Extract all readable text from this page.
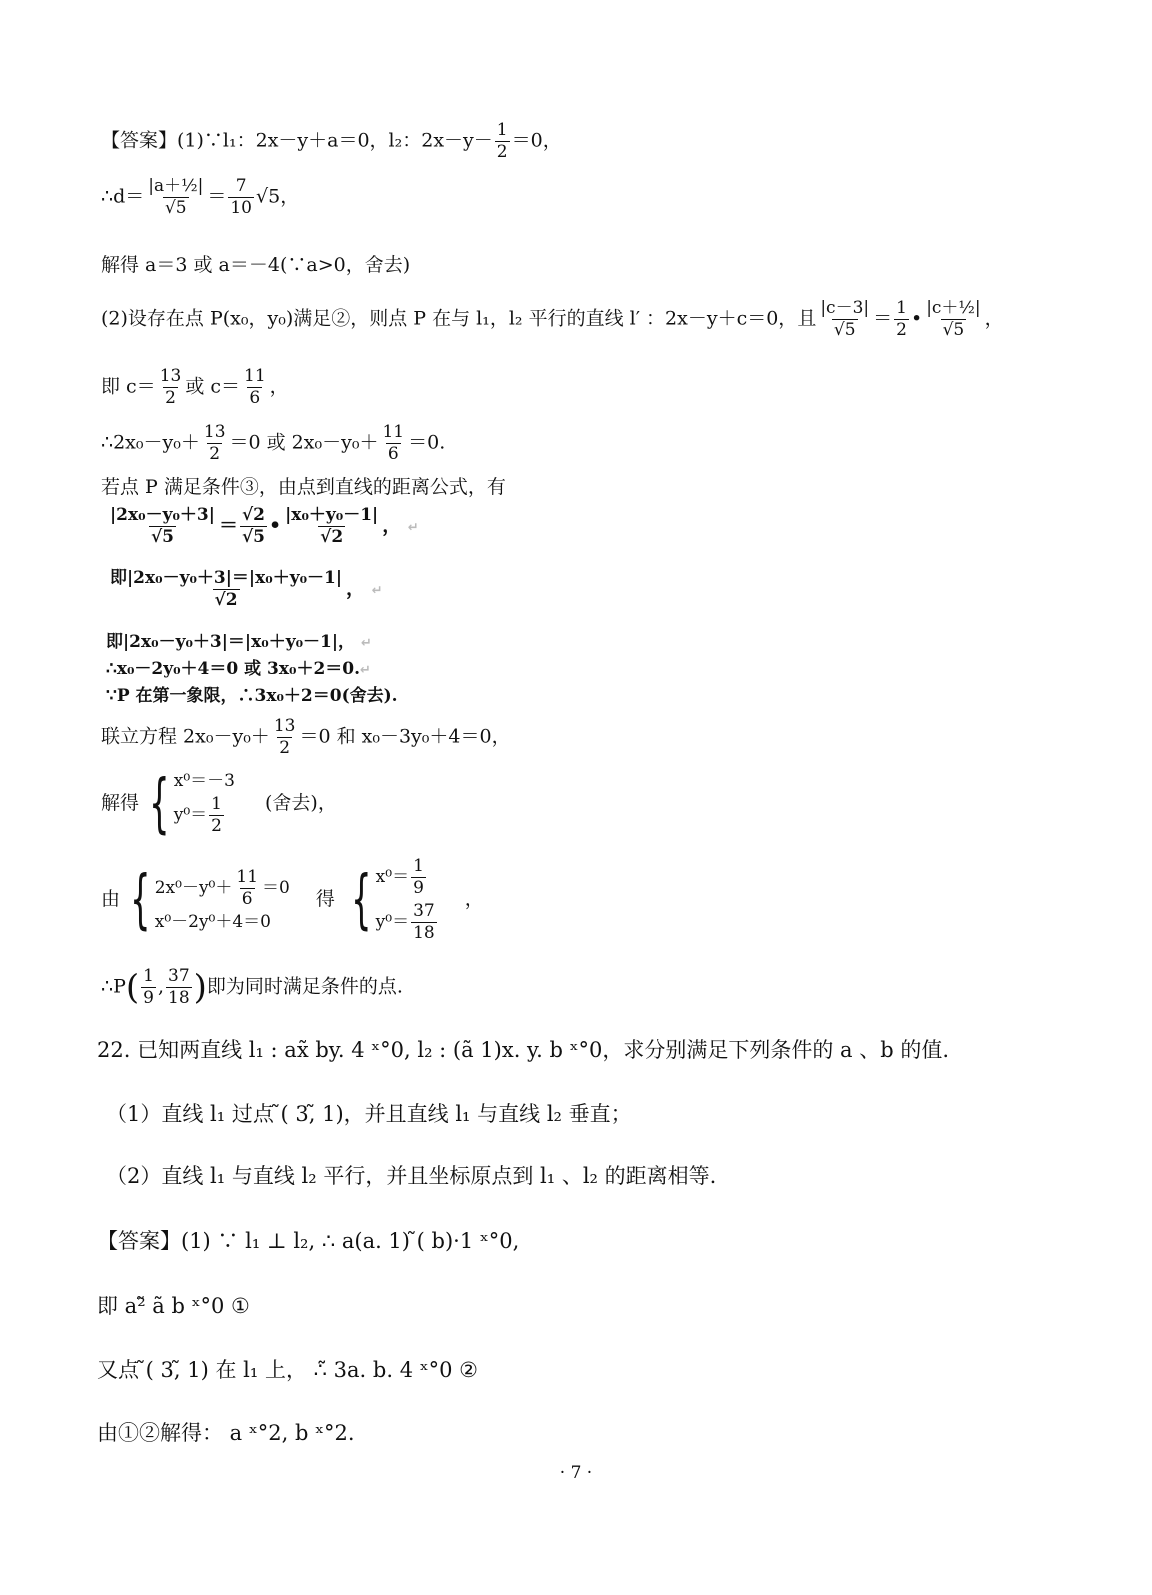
【答案】(1)∵l₁：2x－y＋a＝0，l₂：$2x-y- \frac{1}{2} =0$，
∴d＝ $\frac{\text{|a＋½|}}{√5} = \frac{7}{10} √5$，
解得 a＝3 或 a＝－4(∵a>0，舍去)
(2)设存在点 P(x₀，y₀)满足②，则点 P 在与 l₁，l₂ 平行的直线 l′ ：2x－y＋c＝0，且 $\frac{|c-3|}{√5} = \frac{1}{2}$ • $\frac{\text{|c＋½|}}{√5}$ ，
即 $c= \frac{13}{2}$ 或 $c= \frac{11}{6}$ ，
∴2x₀－y₀＋ $\frac{13}{2} =0$ 或 $2x_0-y_0+ \frac{11}{6} =0$.
若点 P 满足条件③，由点到直线的距离公式，有
$\frac{\text{|2x₀－y₀＋3|}}{√5} = \frac{√2}{√5}$ • $\frac{\text{|x₀＋y₀－1|}}{√2}$ ， ↵
$\frac{\text{即|2x₀－y₀＋3|＝|x₀＋y₀－1|}}{√2}$ ， ↵
即|2x₀－y₀＋3|＝|x₀＋y₀－1|， ↵
∴x₀－2y₀＋4＝0 或 3x₀＋2＝0.↵
∵P 在第一象限，∴3x₀＋2＝0(舍去).
联立方程 $2x_0-y_0+ \frac{13}{2} =0$ 和 x₀－3y₀＋4＝0，
解得 { x⁰＝－3
$y^0= \frac{1}{2}$ (舍去)，
由 { $2x^0-y^0+ \frac{11}{6} =0$
x⁰－2y⁰＋4＝0
得 { $x^0= \frac{1}{9}$
$y^0= \frac{37}{18}$
，
∴P( $\frac{1}{9}$ , $\frac{37}{18}$ )即为同时满足条件的点.
22. 已知两直线 l₁ : ax̃ by. 4 ˣ°0, l₂ : (ã 1)x. y. b ˣ°0，求分别满足下列条件的 a 、b 的值.
（1）直线 l₁ 过点 ̃( 3,̃ 1)，并且直线 l₁ 与直线 l₂ 垂直；
（2）直线 l₁ 与直线 l₂ 平行，并且坐标原点到 l₁ 、l₂ 的距离相等.
【答案】(1) ∵ l₁ ⊥ l₂, ∴ a(a. 1) ̃( b)·1 ˣ°0,
即 a²̃ ã b ˣ°0 ①
又点 ̃( 3,̃ 1) 在 l₁ 上， ∴̃ 3a. b. 4 ˣ°0 ②
由①②解得： a ˣ°2, b ˣ°2.
· 7 ·
